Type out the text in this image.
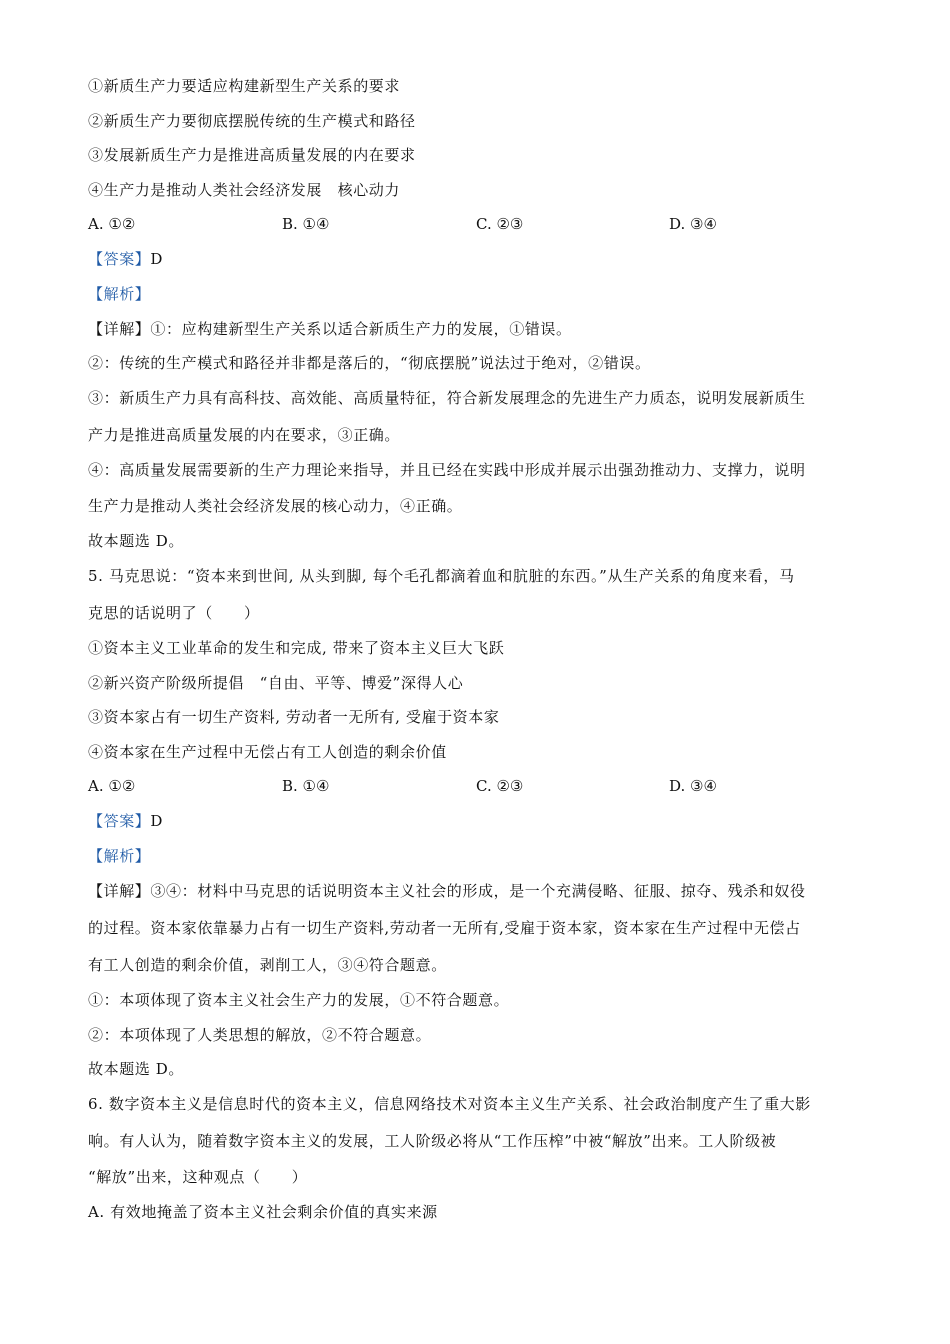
①新质生产力要适应构建新型生产关系的要求
②新质生产力要彻底摆脱传统的生产模式和路径
③发展新质生产力是推进高质量发展的内在要求
④生产力是推动人类社会经济发展　核心动力
A. ①②	B. ①④	C. ②③	D. ③④
【答案】D
【解析】
【详解】①：应构建新型生产关系以适合新质生产力的发展，①错误。
②：传统的生产模式和路径并非都是落后的，“彻底摆脱”说法过于绝对，②错误。
③：新质生产力具有高科技、高效能、高质量特征，符合新发展理念的先进生产力质态，说明发展新质生
产力是推进高质量发展的内在要求，③正确。
④：高质量发展需要新的生产力理论来指导，并且已经在实践中形成并展示出强劲推动力、支撑力，说明
生产力是推动人类社会经济发展的核心动力，④正确。
故本题选 D。
5. 马克思说：“资本来到世间, 从头到脚, 每个毛孔都滴着血和肮脏的东西。”从生产关系的角度来看，马
克思的话说明了（　　）
①资本主义工业革命的发生和完成, 带来了资本主义巨大飞跃
②新兴资产阶级所提倡　“自由、平等、博爱”深得人心
③资本家占有一切生产资料, 劳动者一无所有, 受雇于资本家
④资本家在生产过程中无偿占有工人创造的剩余价值
A. ①②	B. ①④	C. ②③	D. ③④
【答案】D
【解析】
【详解】③④：材料中马克思的话说明资本主义社会的形成，是一个充满侵略、征服、掠夺、残杀和奴役
的过程。资本家依靠暴力占有一切生产资料,劳动者一无所有,受雇于资本家，资本家在生产过程中无偿占
有工人创造的剩余价值，剥削工人，③④符合题意。
①：本项体现了资本主义社会生产力的发展，①不符合题意。
②：本项体现了人类思想的解放，②不符合题意。
故本题选 D。
6. 数字资本主义是信息时代的资本主义，信息网络技术对资本主义生产关系、社会政治制度产生了重大影
响。有人认为，随着数字资本主义的发展，工人阶级必将从“工作压榨”中被“解放”出来。工人阶级被
“解放”出来，这种观点（　　）
A. 有效地掩盖了资本主义社会剩余价值的真实来源
